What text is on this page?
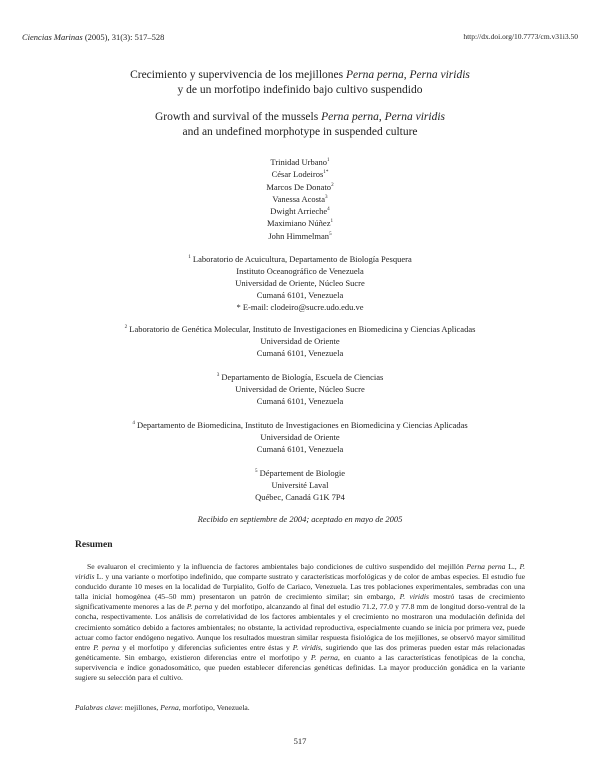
Ciencias Marinas (2005), 31(3): 517–528	http://dx.doi.org/10.7773/cm.v31i3.50
Crecimiento y supervivencia de los mejillones Perna perna, Perna viridis
y de un morfotipo indefinido bajo cultivo suspendido
Growth and survival of the mussels Perna perna, Perna viridis
and an undefined morphotype in suspended culture
Trinidad Urbano$^1$
César Lodeiros$^{1*}$
Marcos De Donato$^2$
Vanessa Acosta$^3$
Dwight Arrieche$^4$
Maximiano Núñez$^1$
John Himmelman$^5$
$^1$ Laboratorio de Acuicultura, Departamento de Biología Pesquera
Instituto Oceanográfico de Venezuela
Universidad de Oriente, Núcleo Sucre
Cumaná 6101, Venezuela
* E-mail: clodeiro@sucre.udo.edu.ve
$^2$ Laboratorio de Genética Molecular, Instituto de Investigaciones en Biomedicina y Ciencias Aplicadas
Universidad de Oriente
Cumaná 6101, Venezuela
$^3$ Departamento de Biología, Escuela de Ciencias
Universidad de Oriente, Núcleo Sucre
Cumaná 6101, Venezuela
$^4$ Departamento de Biomedicina, Instituto de Investigaciones en Biomedicina y Ciencias Aplicadas
Universidad de Oriente
Cumaná 6101, Venezuela
$^5$ Département de Biologie
Université Laval
Québec, Canadá G1K 7P4
Recibido en septiembre de 2004; aceptado en mayo de 2005
Resumen

Se evaluaron el crecimiento y la influencia de factores ambientales bajo condiciones de cultivo suspendido del mejillón Perna perna L., P. viridis L. y una variante o morfotipo indefinido, que comparte sustrato y características morfológicas y de color de ambas especies. El estudio fue conducido durante 10 meses en la localidad de Turpialito, Golfo de Cariaco, Venezuela. Las tres poblaciones experimentales, sembradas con una talla inicial homogénea (45–50 mm) presentaron un patrón de crecimiento similar; sin embargo, P. viridis mostró tasas de crecimiento significativamente menores a las de P. perna y del morfotipo, alcanzando al final del estudio 71.2, 77.0 y 77.8 mm de longitud dorso-ventral de la concha, respectivamente. Los análisis de correlatividad de los factores ambientales y el crecimiento no mostraron una modulación definida del crecimiento somático debido a factores ambientales; no obstante, la actividad reproductiva, especialmente cuando se inicia por primera vez, puede actuar como factor endógeno negativo. Aunque los resultados muestran similar respuesta fisiológica de los mejillones, se observó mayor similitud entre P. perna y el morfotipo y diferencias suficientes entre éstas y P. viridis, sugiriendo que las dos primeras pueden estar más relacionadas genéticamente. Sin embargo, existieron diferencias entre el morfotipo y P. perna, en cuanto a las características fenotípicas de la concha, supervivencia e índice gonadosomático, que pueden establecer diferencias genéticas definidas. La mayor producción gonádica en la variante sugiere su selección para el cultivo.

Palabras clave: mejillones, Perna, morfotipo, Venezuela.
517
